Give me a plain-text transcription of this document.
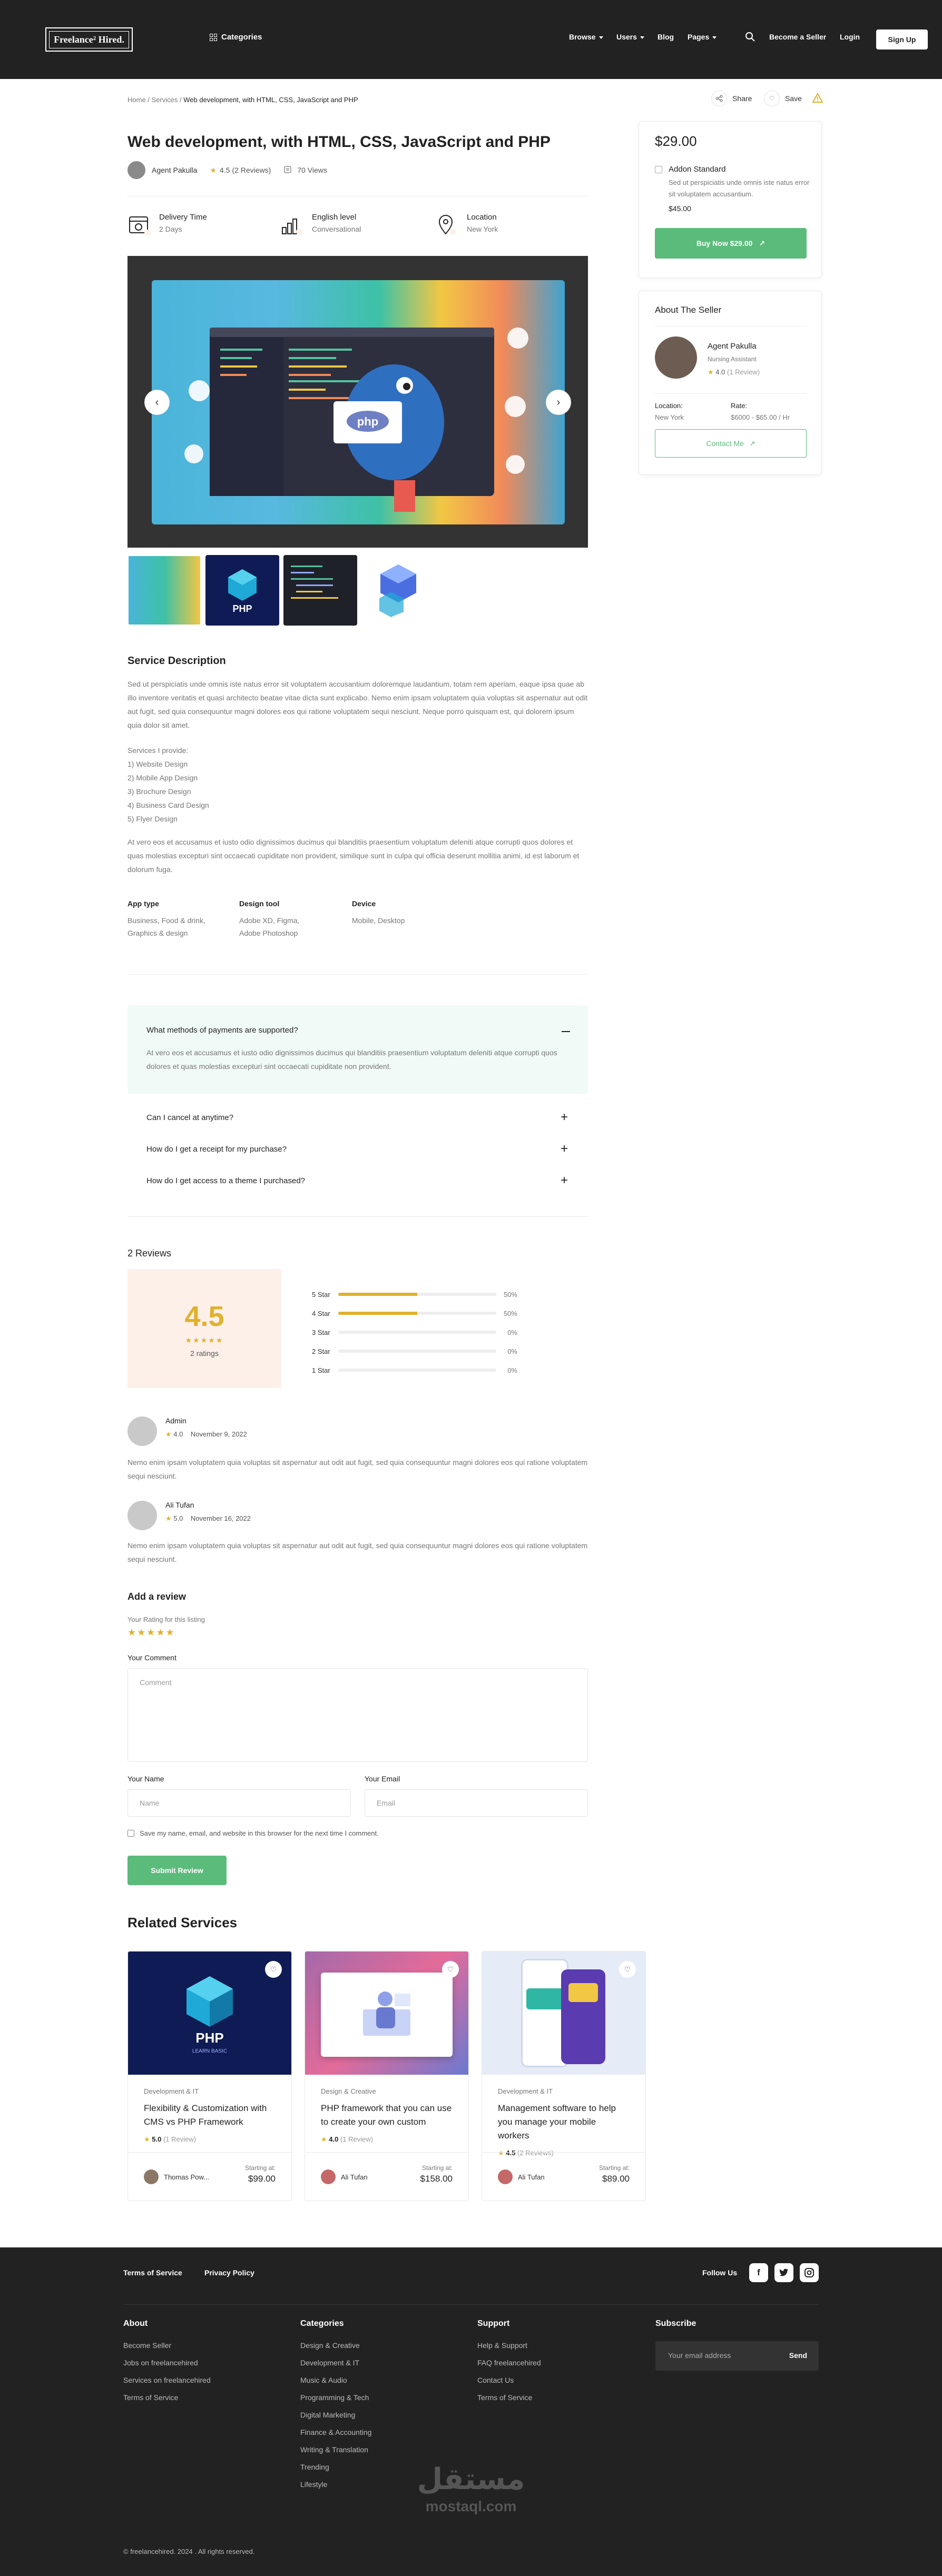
Freelance² Hired.	Categories	Browse	Users	Blog Pages	Become a Seller Login	Sign Up
Home / Services / Web development, with HTML, CSS, JavaScript and PHP	Share	♡	Save
Web development, with HTML, CSS, JavaScript and PHP
Agent Pakulla ★ 4.5 (2 Reviews)	70 Views
Delivery Time
2 Days
English level
Conversational
Location
New York
php
‹	›
PHP
Service Description

Sed ut perspiciatis unde omnis iste natus error sit voluptatem accusantium doloremque laudantium, totam rem aperiam, eaque ipsa quae ab illo inventore veritatis et quasi architecto beatae vitae dicta sunt explicabo. Nemo enim ipsam voluptatem quia voluptas sit aspernatur aut odit aut fugit, sed quia consequuntur magni dolores eos qui ratione voluptatem sequi nesciunt. Neque porro quisquam est, qui dolorem ipsum quia dolor sit amet.

Services I provide:
1) Website Design
2) Mobile App Design
3) Brochure Design
4) Business Card Design
5) Flyer Design

At vero eos et accusamus et iusto odio dignissimos ducimus qui blanditiis praesentium voluptatum deleniti atque corrupti quos dolores et quas molestias excepturi sint occaecati cupiditate non provident, similique sunt in culpa qui officia deserunt mollitia animi, id est laborum et dolorum fuga.

App type
Business, Food & drink,
Graphics & design
Design tool
Adobe XD, Figma,
Adobe Photoshop
Device
Mobile, Desktop
What methods of payments are supported?

At vero eos et accusamus et iusto odio dignissimos ducimus qui blanditiis praesentium voluptatum deleniti atque corrupti quos dolores et quas molestias excepturi sint occaecati cupiditate non provident.

Can I cancel at anytime?	+
How do I get a receipt for my purchase?	+
How do I get access to a theme I purchased?	+
2 Reviews
4.5
★★★★★
2 ratings
5 Star	50%
4 Star	50%
3 Star	0%
2 Star	0%
1 Star	0%
Admin
★ 4.0 November 9, 2022

Nemo enim ipsam voluptatem quia voluptas sit aspernatur aut odit aut fugit, sed quia consequuntur magni dolores eos qui ratione voluptatem sequi nesciunt.

Ali Tufan
★ 5.0 November 16, 2022

Nemo enim ipsam voluptatem quia voluptas sit aspernatur aut odit aut fugit, sed quia consequuntur magni dolores eos qui ratione voluptatem sequi nesciunt.

Add a review
Your Rating for this listing
★★★★★
Your Comment
Comment
Your Name
Name
Your Email
Email
Save my name, email, and website in this browser for the next time I comment.
Submit Review
Related Services
PHP
LEARN BASIC
♡
Development & IT
Flexibility & Customization with CMS vs PHP Framework
★ 5.0 (1 Review)
Thomas Pow...
Starting at:
$99.00
♡
Design & Creative
PHP framework that you can use to create your own custom
★ 4.0 (1 Review)
Ali Tufan
Starting at:
$158.00
♡
Development & IT
Management software to help you manage your mobile workers
★ 4.5 (2 Reviews)
Ali Tufan
Starting at:
$89.00
$29.00
Addon Standard
Sed ut perspiciatis unde omnis iste natus error sit voluptatem accusantium.
$45.00
Buy Now $29.00 ↗
About The Seller
Agent Pakulla
Nursing Assistant
★ 4.0 (1 Review)
Location:
New York
Rate:
$6000 - $65.00 / Hr
Contact Me ↗
Terms of Service	Privacy Policy	Follow Us	f
About
Become Seller
Jobs on freelancehired
Services on freelancehired
Terms of Service
Categories
Design & Creative
Development & IT
Music & Audio
Programming & Tech
Digital Marketing
Finance & Accounting
Writing & Translation
Trending
Lifestyle
Support
Help & Support
FAQ freelancehired
Contact Us
Terms of Service
Subscribe
Your email address	Send
مستقل
mostaql.com
© freelancehired. 2024 . All rights reserved.
